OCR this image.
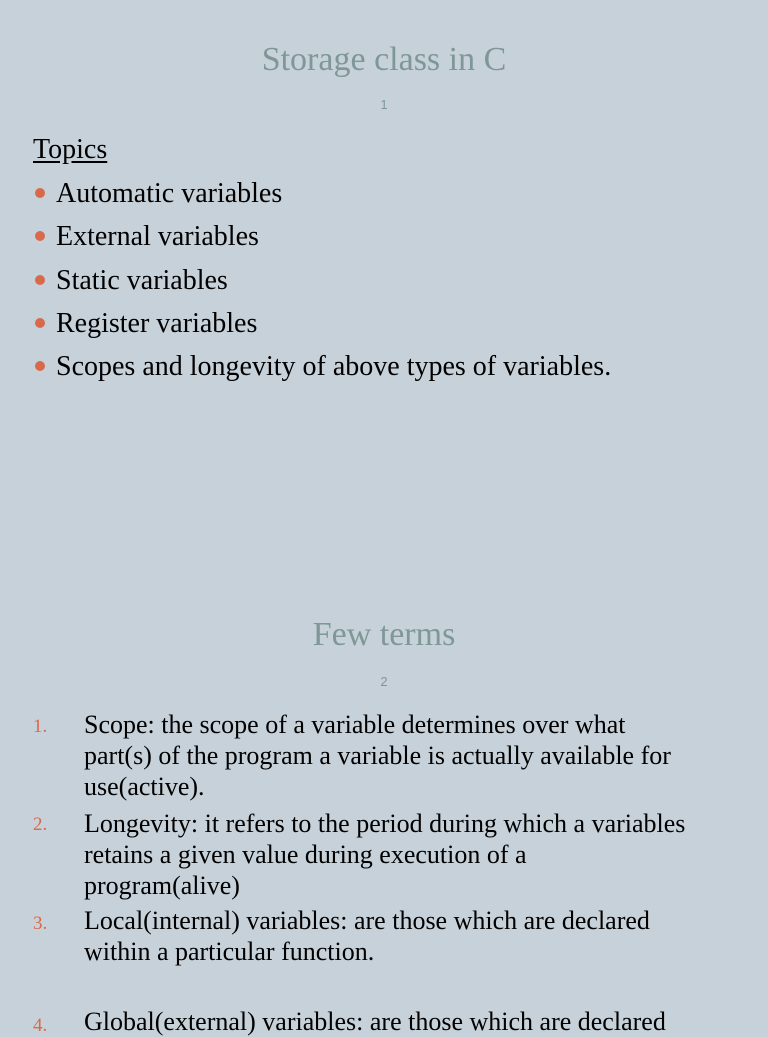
Storage class in C
1
Topics
Automatic variables
External variables
Static variables
Register variables
Scopes and longevity of above types of variables.
Few terms
2
1. Scope: the scope of a variable determines over what
part(s) of the program a variable is actually available for
use(active).
2. Longevity: it refers to the period during which a variables
retains a given value during execution of a
program(alive)
3. Local(internal) variables: are those which are declared
within a particular function.
4. Global(external) variables: are those which are declared
